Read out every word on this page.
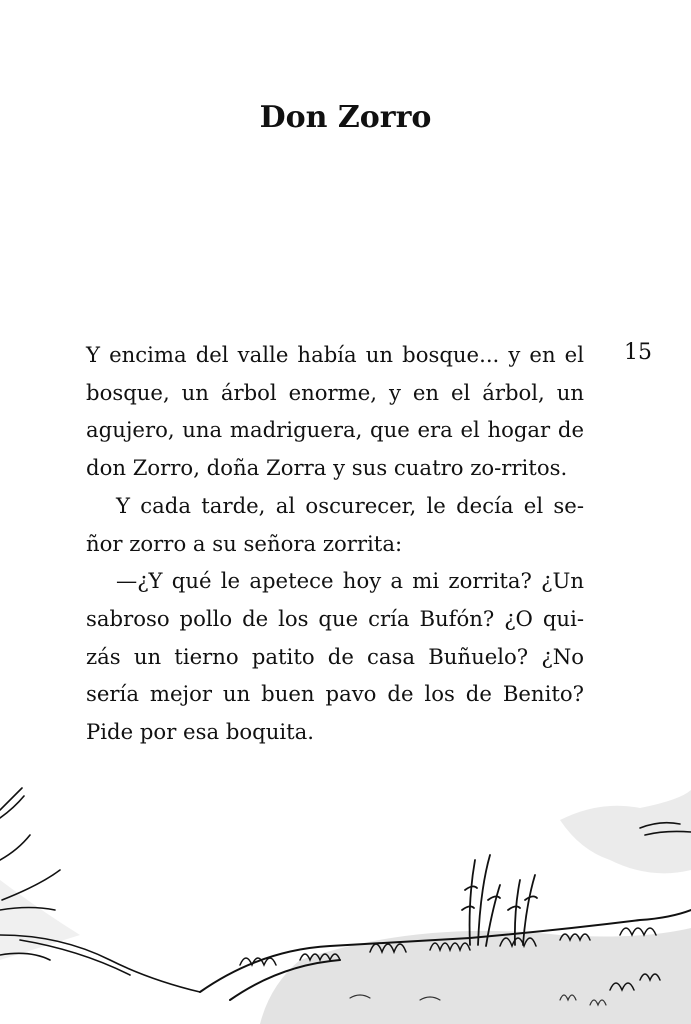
Don Zorro
15

Y encima del valle había un bosque... y en el bosque, un árbol enorme, y en el árbol, un agujero, una madriguera, que era el hogar de don Zorro, doña Zorra y sus cuatro zo-rritos.

Y cada tarde, al oscurecer, le decía el se-ñor zorro a su señora zorrita:

—¿Y qué le apetece hoy a mi zorrita? ¿Un sabroso pollo de los que cría Bufón? ¿O qui-zás un tierno patito de casa Buñuelo? ¿No sería mejor un buen pavo de los de Benito? Pide por esa boquita.
